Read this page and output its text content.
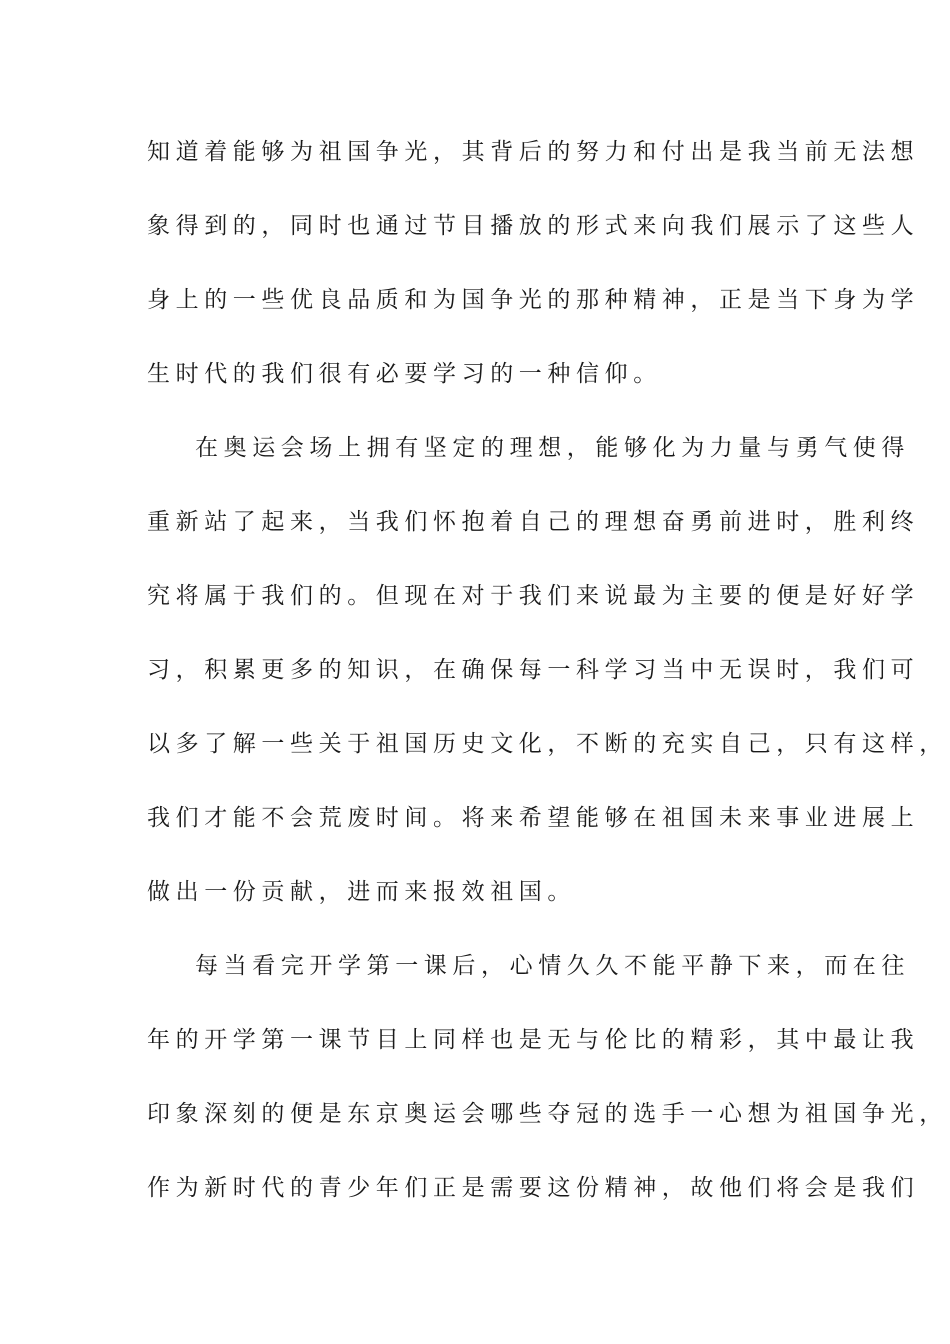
知道着能够为祖国争光，其背后的努力和付出是我当前无法想
象得到的，同时也通过节目播放的形式来向我们展示了这些人
身上的一些优良品质和为国争光的那种精神，正是当下身为学
生时代的我们很有必要学习的一种信仰。
在奥运会场上拥有坚定的理想，能够化为力量与勇气使得
重新站了起来，当我们怀抱着自己的理想奋勇前进时，胜利终
究将属于我们的。但现在对于我们来说最为主要的便是好好学
习，积累更多的知识，在确保每一科学习当中无误时，我们可
以多了解一些关于祖国历史文化，不断的充实自己，只有这样，
我们才能不会荒废时间。将来希望能够在祖国未来事业进展上
做出一份贡献，进而来报效祖国。
每当看完开学第一课后，心情久久不能平静下来，而在往
年的开学第一课节目上同样也是无与伦比的精彩，其中最让我
印象深刻的便是东京奥运会哪些夺冠的选手一心想为祖国争光，
作为新时代的青少年们正是需要这份精神，故他们将会是我们
